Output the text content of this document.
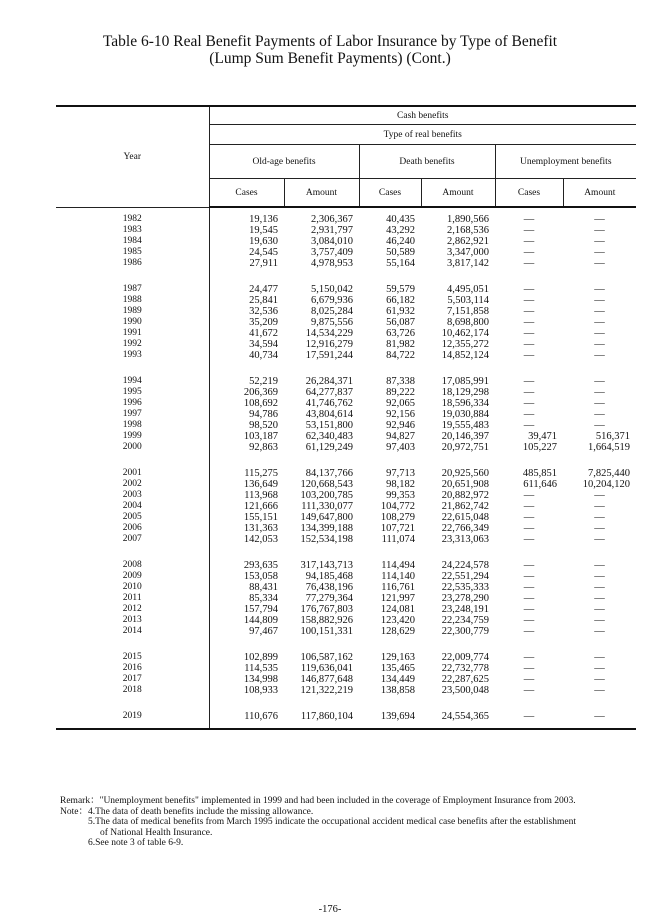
Table 6-10 Real Benefit Payments of Labor Insurance by Type of Benefit
(Lump Sum Benefit Payments) (Cont.)
Year	Cash benefits					
	Type of real benefits					
	Old-age benefits		Death benefits		Unemployment benefits	
	Cases	Amount	Cases	Amount	Cases	Amount

1982	19,136	2,306,367	40,435	1,890,566	—	—
1983	19,545	2,931,797	43,292	2,168,536	—	—
1984	19,630	3,084,010	46,240	2,862,921	—	—
1985	24,545	3,757,409	50,589	3,347,000	—	—
1986	27,911	4,978,953	55,164	3,817,142	—	—

1987	24,477	5,150,042	59,579	4,495,051	—	—
1988	25,841	6,679,936	66,182	5,503,114	—	—
1989	32,536	8,025,284	61,932	7,151,858	—	—
1990	35,209	9,875,556	56,087	8,698,800	—	—
1991	41,672	14,534,229	63,726	10,462,174	—	—
1992	34,594	12,916,279	81,982	12,355,272	—	—
1993	40,734	17,591,244	84,722	14,852,124	—	—

1994	52,219	26,284,371	87,338	17,085,991	—	—
1995	206,369	64,277,837	89,222	18,129,298	—	—
1996	108,692	41,746,762	92,065	18,596,334	—	—
1997	94,786	43,804,614	92,156	19,030,884	—	—
1998	98,520	53,151,800	92,946	19,555,483	—	—
1999	103,187	62,340,483	94,827	20,146,397	39,471	516,371
2000	92,863	61,129,249	97,403	20,972,751	105,227	1,664,519

2001	115,275	84,137,766	97,713	20,925,560	485,851	7,825,440
2002	136,649	120,668,543	98,182	20,651,908	611,646	10,204,120
2003	113,968	103,200,785	99,353	20,882,972	—	—
2004	121,666	111,330,077	104,772	21,862,742	—	—
2005	155,151	149,647,800	108,279	22,615,048	—	—
2006	131,363	134,399,188	107,721	22,766,349	—	—
2007	142,053	152,534,198	111,074	23,313,063	—	—

2008	293,635	317,143,713	114,494	24,224,578	—	—
2009	153,058	94,185,468	114,140	22,551,294	—	—
2010	88,431	76,438,196	116,761	22,535,333	—	—
2011	85,334	77,279,364	121,997	23,278,290	—	—
2012	157,794	176,767,803	124,081	23,248,191	—	—
2013	144,809	158,882,926	123,420	22,234,759	—	—
2014	97,467	100,151,331	128,629	22,300,779	—	—

2015	102,899	106,587,162	129,163	22,009,774	—	—
2016	114,535	119,636,041	135,465	22,732,778	—	—
2017	134,998	146,877,648	134,449	22,287,625	—	—
2018	108,933	121,322,219	138,858	23,500,048	—	—

2019	110,676	117,860,104	139,694	24,554,365	—	—

Remark："Unemployment benefits" implemented in 1999 and had been included in the coverage of Employment Insurance from 2003.
Note：4.The data of death benefits include the missing allowance.
5.The data of medical benefits from March 1995 indicate the occupational accident medical case benefits after the establishment
of National Health Insurance.
6.See note 3 of table 6-9.
-176-
